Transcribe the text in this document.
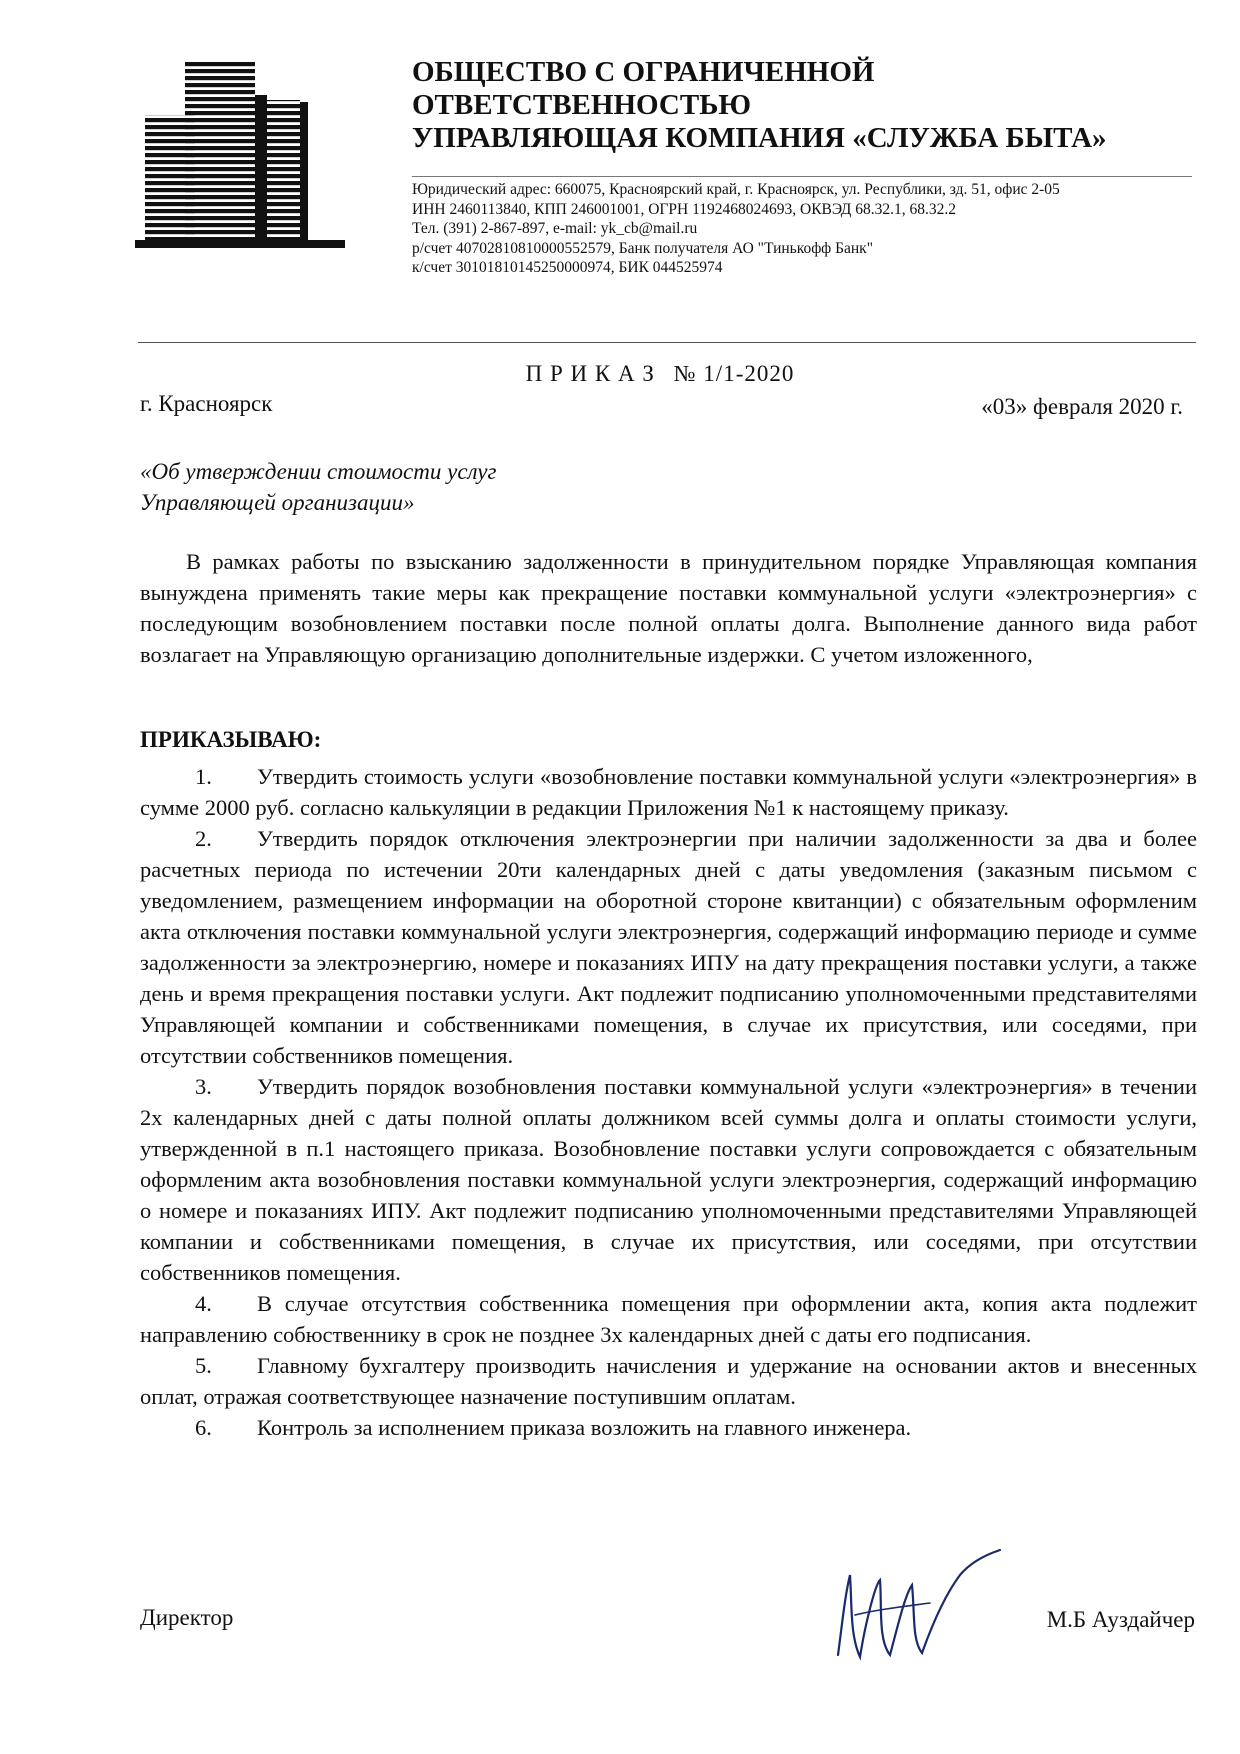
ОБЩЕСТВО С ОГРАНИЧЕННОЙ

ОТВЕТСТВЕННОСТЬЮ

УПРАВЛЯЮЩАЯ КОМПАНИЯ «СЛУЖБА БЫТА»

Юридический адрес: 660075, Красноярский край, г. Красноярск, ул. Республики, зд. 51, офис 2-05
ИНН 2460113840, КПП 246001001, ОГРН 1192468024693, ОКВЭД 68.32.1, 68.32.2
Тел. (391) 2-867-897, e-mail: yk_cb@mail.ru
р/счет 40702810810000552579, Банк получателя АО "Тинькофф Банк"
к/счет 30101810145250000974, БИК 044525974
П Р И К А З № 1/1-2020
г. Красноярск	«03» февраля 2020 г.
«Об утверждении стоимости услуг
Управляющей организации»
В рамках работы по взысканию задолженности в принудительном порядке Управляющая компания вынуждена применять такие меры как прекращение поставки коммунальной услуги «электроэнергия» с последующим возобновлением поставки после полной оплаты долга. Выполнение данного вида работ возлагает на Управляющую организацию дополнительные издержки. С учетом изложенного,
ПРИКАЗЫВАЮ:

1. Утвердить стоимость услуги «возобновление поставки коммунальной услуги «электроэнергия» в сумме 2000 руб. согласно калькуляции в редакции Приложения №1 к настоящему приказу.

2. Утвердить порядок отключения электроэнергии при наличии задолженности за два и более расчетных периода по истечении 20ти календарных дней с даты уведомления (заказным письмом с уведомлением, размещением информации на оборотной стороне квитанции) с обязательным оформленим акта отключения поставки коммунальной услуги электроэнергия, содержащий информацию периоде и сумме задолженности за электроэнергию, номере и показаниях ИПУ на дату прекращения поставки услуги, а также день и время прекращения поставки услуги. Акт подлежит подписанию уполномоченными представителями Управляющей компании и собственниками помещения, в случае их присутствия, или соседями, при отсутствии собственников помещения.

3. Утвердить порядок возобновления поставки коммунальной услуги «электроэнергия» в течении 2х календарных дней с даты полной оплаты должником всей суммы долга и оплаты стоимости услуги, утвержденной в п.1 настоящего приказа. Возобновление поставки услуги сопровождается с обязательным оформленим акта возобновления поставки коммунальной услуги электроэнергия, содержащий информацию о номере и показаниях ИПУ. Акт подлежит подписанию уполномоченными представителями Управляющей компании и собственниками помещения, в случае их присутствия, или соседями, при отсутствии собственников помещения.

4. В случае отсутствия собственника помещения при оформлении акта, копия акта подлежит направлению собюственнику в срок не позднее 3х календарных дней с даты его подписания.

5. Главному бухгалтеру производить начисления и удержание на основании актов и внесенных оплат, отражая соответствующее назначение поступившим оплатам.

6. Контроль за исполнением приказа возложить на главного инженера.

Директор	М.Б Ауздайчер
